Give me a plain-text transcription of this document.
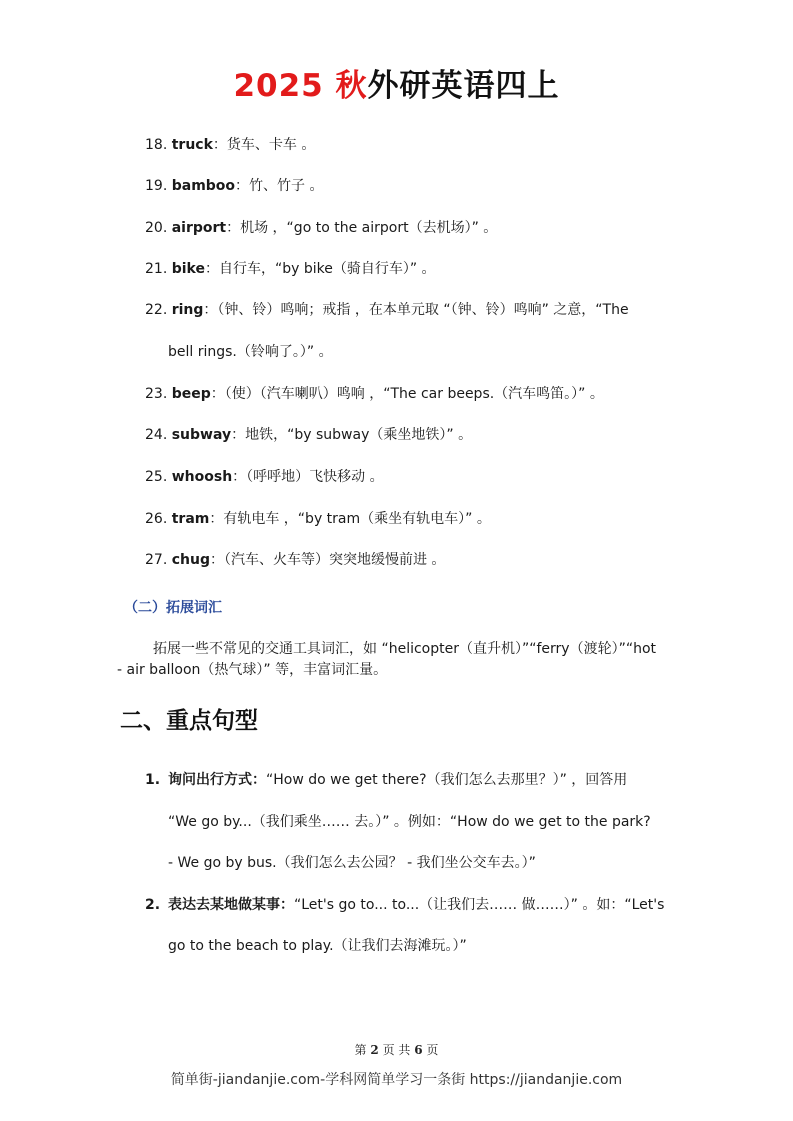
2025 秋外研英语四上
18. truck：货车、卡车 。
19. bamboo：竹、竹子 。
20. airport：机场 ，“go to the airport（去机场）” 。
21. bike：自行车，“by bike（骑自行车）” 。
22. ring：（钟、铃）鸣响；戒指 ，在本单元取 “（钟、铃）鸣响” 之意，“The
bell rings.（铃响了。）” 。
23. beep：（使）（汽车喇叭）鸣响 ，“The car beeps.（汽车鸣笛。）” 。
24. subway：地铁，“by subway（乘坐地铁）” 。
25. whoosh：（呼呼地）飞快移动 。
26. tram：有轨电车 ，“by tram（乘坐有轨电车）” 。
27. chug：（汽车、火车等）突突地缓慢前进 。
（二）拓展词汇
拓展一些不常见的交通工具词汇，如 “helicopter（直升机）”“ferry（渡轮）”“hot
- air balloon（热气球）” 等，丰富词汇量。
二、重点句型
1. 询问出行方式：“How do we get there?（我们怎么去那里？）” ，回答用
“We go by...（我们乘坐…… 去。）” 。例如：“How do we get to the park?
- We go by bus.（我们怎么去公园？ - 我们坐公交车去。）”
2. 表达去某地做某事：“Let's go to... to...（让我们去…… 做……）” 。如：“Let's
go to the beach to play.（让我们去海滩玩。）”
第 2 页 共 6 页
简单街-jiandanjie.com-学科网简单学习一条街 https://jiandanjie.com
